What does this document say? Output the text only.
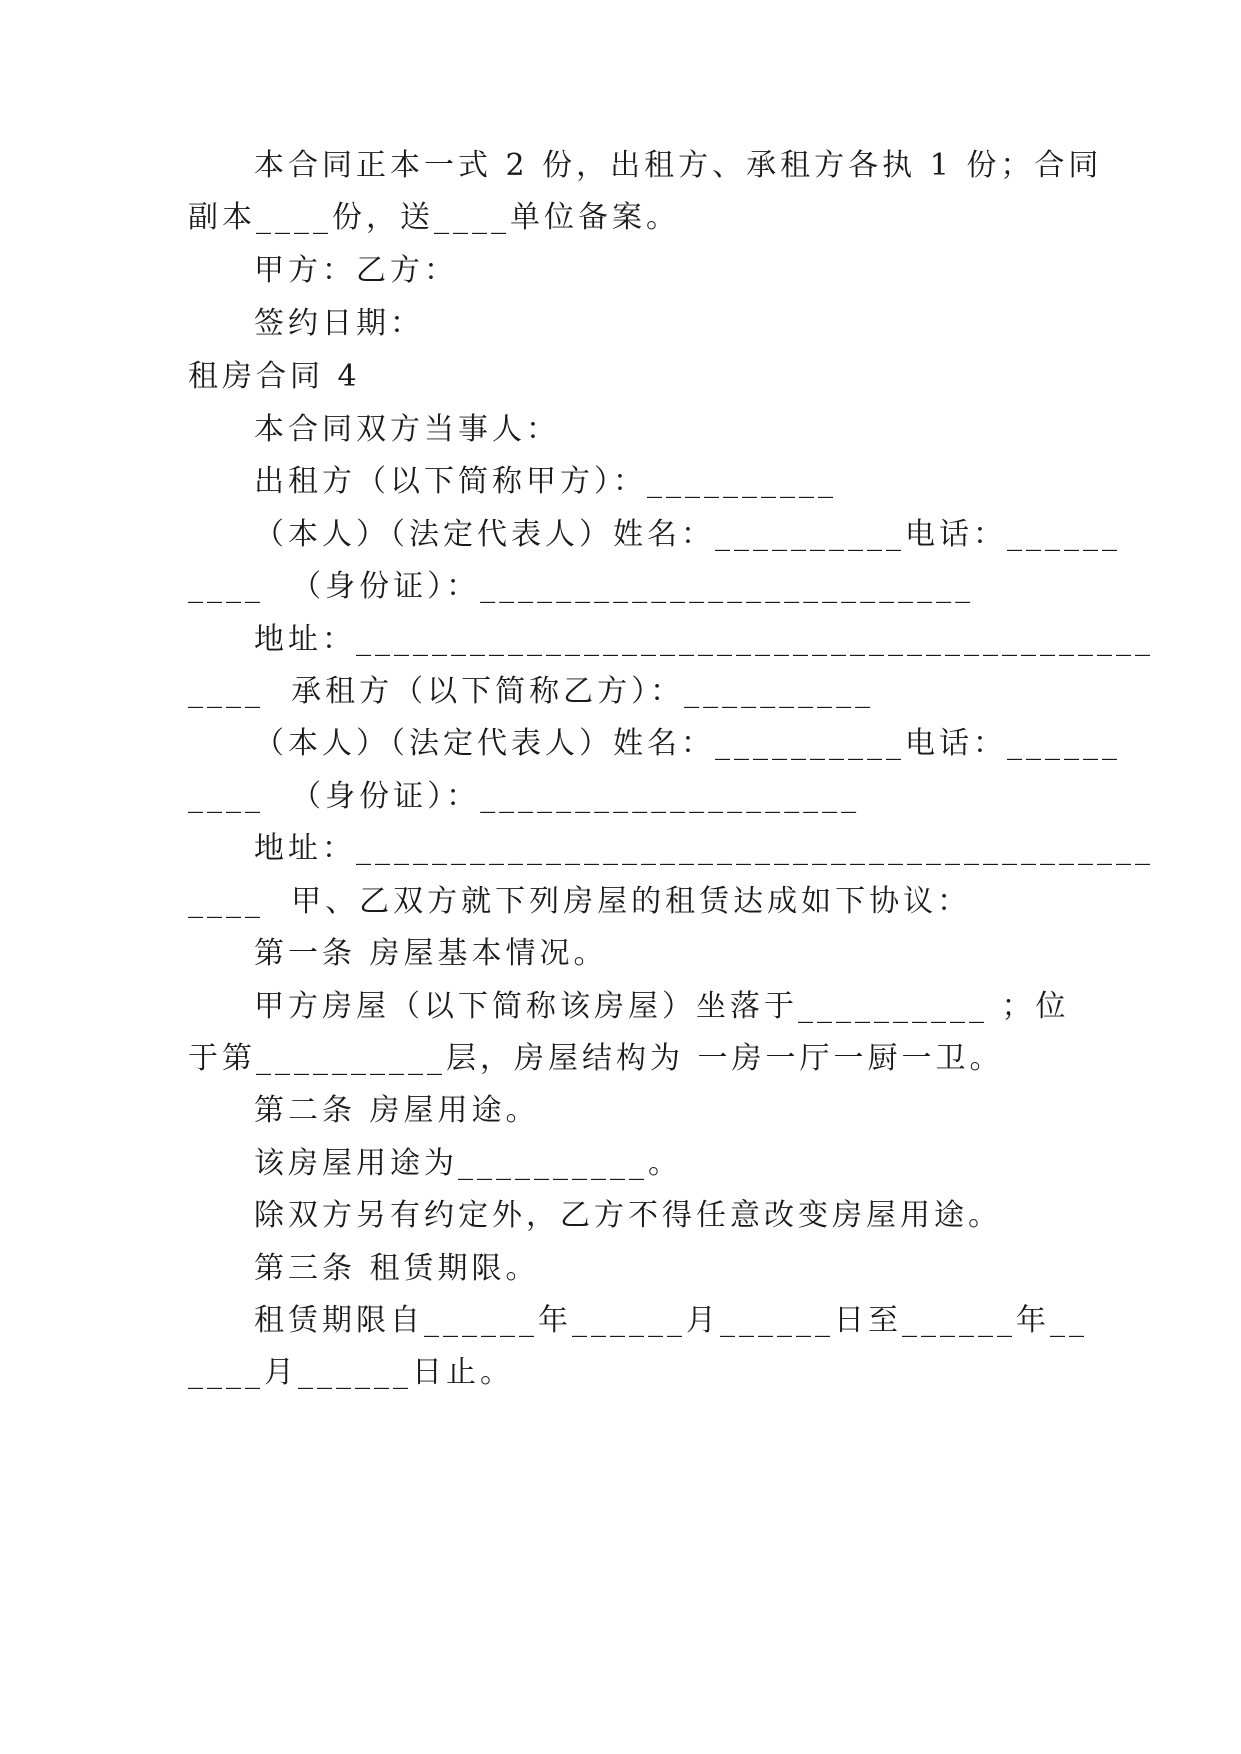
本合同正本一式 2 份，出租方、承租方各执 1 份；合同
副本____份，送____单位备案。
甲方：乙方：
签约日期：
租房合同 4
本合同双方当事人：
出租方（以下简称甲方）：__________
（本人）（法定代表人）姓名：__________电话：______
____  （身份证）：__________________________
地址：__________________________________________
____  承租方（以下简称乙方）：__________
（本人）（法定代表人）姓名：__________电话：______
____  （身份证）：____________________
地址：__________________________________________
____  甲、乙双方就下列房屋的租赁达成如下协议：
第一条 房屋基本情况。
甲方房屋（以下简称该房屋）坐落于__________ ；位
于第__________层，房屋结构为 一房一厅一厨一卫。
第二条 房屋用途。
该房屋用途为__________。
除双方另有约定外，乙方不得任意改变房屋用途。
第三条 租赁期限。
租赁期限自______年______月______日至______年__
____月______日止。
